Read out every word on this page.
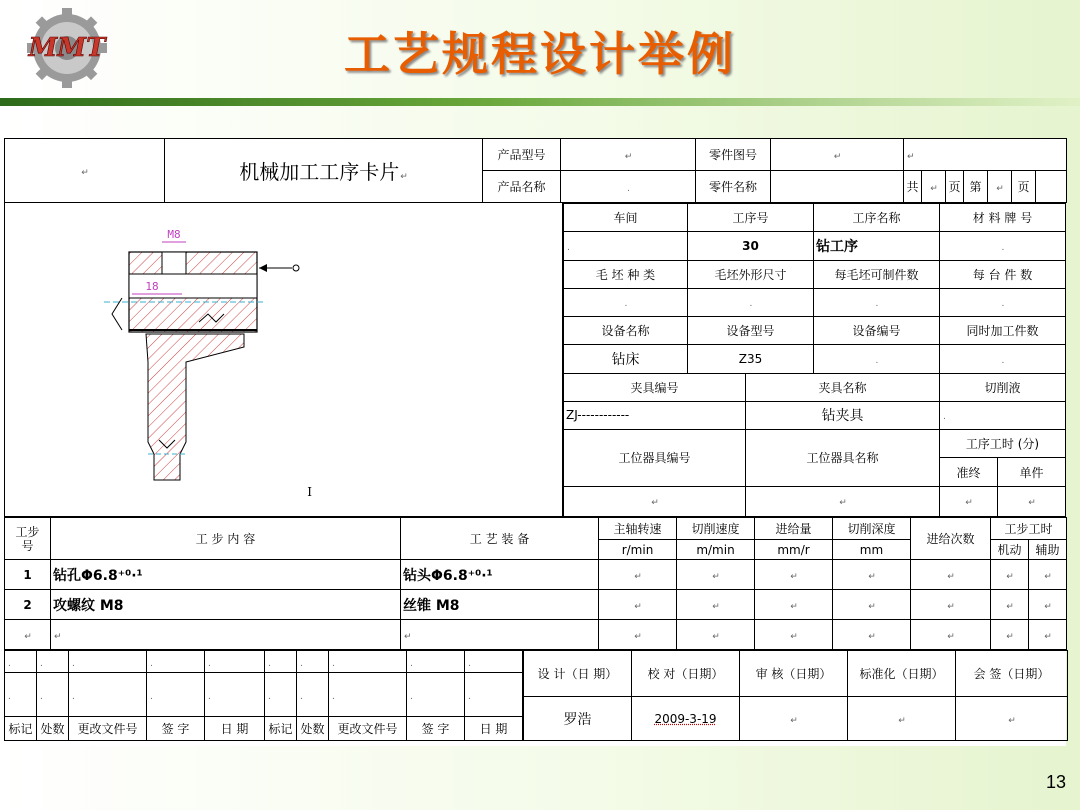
MMT	工艺规程设计举例
↵	机械加工工序卡片↵	产品型号	↵	零件图号	↵	↵						
		产品名称	.	零件名称		共	↵	页	第	↵	页	
车间	工序号		工序名称	材 料 牌 号	
.	30		钻工序	.	
毛 坯 种 类	毛坯外形尺寸		每毛坯可制件数	每 台 件 数	
.	.		.	.	
设备名称	设备型号		设备编号	同时加工件数	
钻床	Z35		.	.	
夹具编号		夹具名称		切削液	
ZJ------------		钻夹具		.	
工位器具编号		工位器具名称		工序工时 (分)	
				准终	单件
↵		↵		↵	↵
工步
号	工 步 内 容	工 艺 装 备	主轴转速	切削速度	进给量	切削深度	进给次数	工步工时	
			r/min	m/min	mm/r	mm		机动	辅助
1	钻孔Φ6.8⁺⁰·¹	钻头Φ6.8⁺⁰·¹	↵	↵	↵	↵	↵	↵	↵
2	攻螺纹 M8	丝锥 M8	↵	↵	↵	↵	↵	↵	↵
↵	↵	↵	↵	↵	↵	↵	↵	↵	↵
.	.	.	.	.	.	.	.	.	.
.	.	.	.	.	.	.	.	.	.
标记	处数	更改文件号	签 字	日 期	标记	处数	更改文件号	签 字	日 期
设 计（日 期）	校 对（日期）	审 核（日期）	标准化（日期）	会 签（日期）
罗浩	2009-3-19	↵	↵	↵
M8
18
I
13
